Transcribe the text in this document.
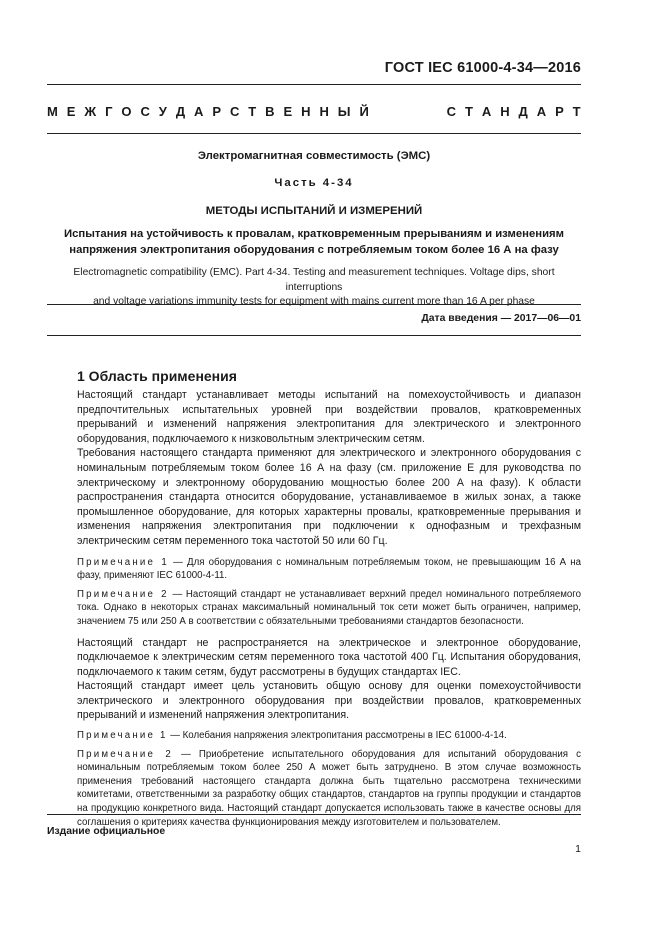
ГОСТ IEC 61000-4-34—2016
М Е Ж Г О С У Д А Р С Т В Е Н Н Ы Й	С Т А Н Д А Р Т
Электромагнитная совместимость (ЭМС)
Часть 4-34
МЕТОДЫ ИСПЫТАНИЙ И ИЗМЕРЕНИЙ
Испытания на устойчивость к провалам, кратковременным прерываниям и изменениям
напряжения электропитания оборудования с потребляемым током более 16 А на фазу
Electromagnetic compatibility (EMC). Part 4-34. Testing and measurement techniques. Voltage dips, short interruptions
and voltage variations immunity tests for equipment with mains current more than 16 A per phase
Дата введения — 2017—06—01
1 Область применения

Настоящий стандарт устанавливает методы испытаний на помехоустойчивость и диапазон предпочтительных испытательных уровней при воздействии провалов, кратковременных прерываний и изменений напряжения электропитания для электрического и электронного оборудования, подключаемого к низковольтным электрическим сетям.

Требования настоящего стандарта применяют для электрического и электронного оборудования с номинальным потребляемым током более 16 А на фазу (см. приложение Е для руководства по электрическому и электронному оборудованию мощностью более 200 А на фазу). К области распространения стандарта относится оборудование, устанавливаемое в жилых зонах, а также промышленное оборудование, для которых характерны провалы, кратковременные прерывания и изменения напряжения электропитания при подключении к однофазным и трехфазным электрическим сетям переменного тока частотой 50 или 60 Гц.

Примечание 1 — Для оборудования с номинальным потребляемым током, не превышающим 16 А на фазу, применяют IEC 61000-4-11.

Примечание 2 — Настоящий стандарт не устанавливает верхний предел номинального потребляемого тока. Однако в некоторых странах максимальный номинальный ток сети может быть ограничен, например, значением 75 или 250 А в соответствии с обязательными требованиями стандартов безопасности.

Настоящий стандарт не распространяется на электрическое и электронное оборудование, подключаемое к электрическим сетям переменного тока частотой 400 Гц. Испытания оборудования, подключаемого к таким сетям, будут рассмотрены в будущих стандартах IEC.

Настоящий стандарт имеет цель установить общую основу для оценки помехоустойчивости электрического и электронного оборудования при воздействии провалов, кратковременных прерываний и изменений напряжения электропитания.

Примечание 1 — Колебания напряжения электропитания рассмотрены в IEC 61000-4-14.

Примечание 2 — Приобретение испытательного оборудования для испытаний оборудования с номинальным потребляемым током более 250 А может быть затруднено. В этом случае возможность применения требований настоящего стандарта должна быть тщательно рассмотрена техническими комитетами, ответственными за разработку общих стандартов, стандартов на группы продукции и стандартов на продукцию конкретного вида. Настоящий стандарт допускается использовать также в качестве основы для соглашения о критериях качества функционирования между изготовителем и пользователем.

Издание официальное
1
